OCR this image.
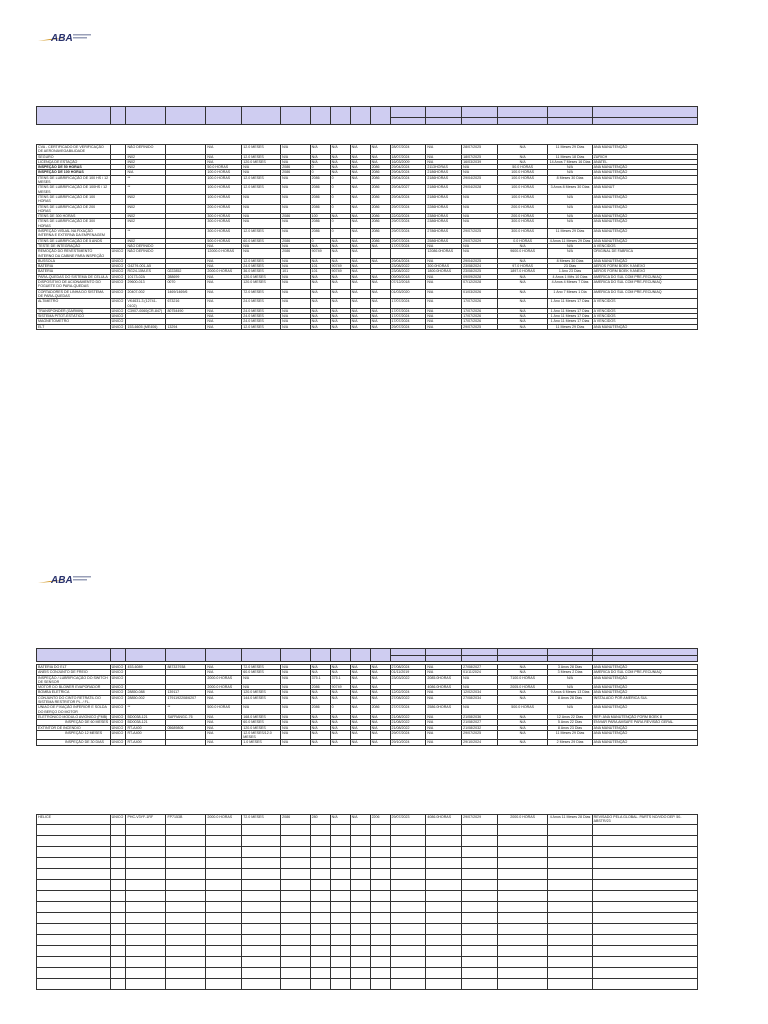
ABA

CVA - CERTIFICADO DE VERIFICAÇÃO DE AERONAVEGABILIDADE		NÃO DEFINIDO		N/A	12.0 MESES	N/A	N/A	N/A	N/A	N/A	28/07/2024	N/A	28/07/2025	N/A	11 Meses 29 Dias	ANA MANUTENÇÃO
SEGURO		IN02		N/A	12.0 MESES	N/A	N/A	N/A	N/A	N/A	18/07/2024	N/A	18/07/2025	N/A	11 Meses 18 Dias	ZURICH
LICENÇA DE ESTAÇÃO		IN02		N/A	120.0 MESES	N/A	N/A	N/A	N/A	N/A	16/03/2009	N/A	16/03/2039	N/A	14 Anos 7 Meses 16 Dias	ANATEL
INSPEÇÃO DE 50 HORAS		IN02		50.0 HORAS	N/A	2086	0	N/A	N/A	2086	29/04/2024	2113HORAS	N/A	50.0 HORAS	N/A	ANA MANUTENÇÃO
INSPEÇÃO DE 100 HORAS		N/A		100.0 HORAS	N/A	2086	0	N/A	N/A	2086	29/04/2024	2186HORAS	N/A	100.0 HORAS	N/A	ANA MANUTENÇÃO
ITENS DE LUBRIFICAÇÃO DE 100 HS / 12 MESES		**		100.0 HORAS	12.0 MESES	N/A	2086	0	N/A	2086	29/04/2024	2186HORAS	29/04/2025	100.0 HORAS	8 Meses 30 Dias	ANA MANUTENÇÃO
ITENS DE LUBRIFICAÇÃO DE 100HS / 12 MESES		**		100.0 HORAS	12.0 MESES	N/A	2086	0	N/A	2086	29/04/2027	2186HORAS	29/04/2028	100.0 HORAS	3 Anos 8 Meses 30 Dias	ANA MANUT
ITENS DE LUBRIFICAÇÃO DE 100 HORAS		IN02		100.0 HORAS	N/A	N/A	2086	0	N/A	2086	29/04/2024	2186HORAS	N/A	100.0 HORAS	N/A	ANA MANUTENÇÃO
ITENS DE LUBRIFICAÇÃO DE 200 HORAS		IN02		200.0 HORAS	N/A	N/A	2086	0	N/A	2086	29/07/2024	2286HORAS	N/A	200.0 HORAS	N/A	ANA MANUTENÇÃO
ITENS DE 300 HORAS		IN02		300.0 HORAS	N/A	2086	100	N/A	N/A	2086	22/02/2024	2386HORAS	N/A	200.0 HORAS	N/A	ANA MANUTENÇÃO
ITENS DE LUBRIFICAÇÃO DE 300 HORAS		IN02		300.0 HORAS	N/A	N/A	2086	0	N/A	2086	29/07/2024	2386HORAS	N/A	300.0 HORAS	N/A	ANA MANUTENÇÃO
INSPEÇÃO VISUAL NA FIXAÇÃO INTERNA E EXTERNA DA EMPENAGEM		**		300.0 HORAS	12.0 MESES	N/A	2086	0	N/A	2086	29/07/2024	2786HORAS	29/07/2025	300.0 HORAS	11 Meses 29 Dias	ANA MANUTENÇÃO
ITENS DE LUBRIFICAÇÃO DE 5 ANOS		IN02		500.0 HORAS	60.0 MESES	2086	0	N/A	N/A	2086	29/07/2024	2586HORAS	29/07/2029	0.0 HORAS	4 Anos 11 Meses 29 Dias	ANA MANUTENÇÃO
TESTE DE INTEGRAÇÃO		NÃO DEFINIDO		N/A	N/A	N/A	N/A	N/A	N/A	N/A	17/07/2024	N/A	N/A	N/A	N/A	A VENCIDOS
REMOÇÃO DO REVESTIMENTO INTERNO DA CABINE PARA INSPEÇÃO	ÚNICO	NÃO DEFINIDO		12000.0 HORAS	N/A	2086	90749	N/A	N/A			12086.0HORAS	N/A	9600.0 HORAS	N/A	ORIGINAL DE FABRICA
BUSSOLA	ÚNICO			N/A	12.0 MESES	N/A	N/A	N/A	N/A	N/A	29/04/2024	N/A	29/04/2025	N/A	8 Meses 30 Dias	ANA MANUTENÇÃO
BATERIA	ÚNICO	G4279-001-A5		N/A	24.0 MESES	N/A	101	90749	N/A		23/08/2022	300.0HORAS	23/08/2024	97.0 HORAS	23 Dias	AEROS FORM BOEK 9 ANEXO
BATERIA	ÚNICO	RG24-15M-ES	0222852	2000.0 HORAS	36.0 MESES	101	101	90749	N/A		23/08/2022	1800.0HORAS	23/08/2025	1897.0 HORAS	1 Ano 23 Dias	AEROS FORM BOEK 9 ANEXO
PARA-QUEDAS DO SISTEMA DE CELULA	ÚNICO	10173-02A	288699	N/A	120.0 MESES	N/A	N/A	N/A	N/A	N/A	09/09/2018	N/A	09/09/2028	N/A	4 Anos 1 Mês 10 Dias	AMERICA DO SUL COM PRE-FECUNIAQ
DISPOSITIVO DE ACIONAMENTO DO FOGUETE DO PARA-QUEDAS	ÚNICO	29600-013	0070	N/A	120.0 MESES	N/A	N/A	N/A	N/A	N/A	07/12/2018	N/A	07/12/2028	N/A	4 Anos 4 Meses 7 Dias	AMERICA DO SUL COM PRE-FECUNIAQ
CORTADORES DE LINHA DO SISTEMA DE PARA-QUEDAS	ÚNICO	20407-002	1469/1469/6	N/A	72.0 MESES	N/A	N/A	N/A	N/A	N/A	01/03/2020	N/A	01/03/2026	N/A	1 Ano 7 Meses 1 Dia	AMERICA DO SUL COM PRE-FECUNIAQ
ALTIMETRO	ÚNICO	VK4631-3 (12741-0102)	673216	N/A	24.0 MESES	N/A	N/A	N/A	N/A	N/A	17/07/2024	N/A	17/07/2026	N/A	1 Ano 11 Meses 17 Dias	A VENCIDOS
TRANSPONDER (GARMIN)	ÚNICO	C3907-0060(CR-847)	80754490	N/A	24.0 MESES	N/A	N/A	N/A	N/A	N/A	17/07/2024	N/A	17/07/2026	N/A	1 Ano 11 Meses 17 Dias	A VENCIDOS
SISTEMA PITOT-ESTÁTICO	ÚNICO			N/A	24.0 MESES	N/A	N/A	N/A	N/A	N/A	17/07/2024	N/A	17/07/2026	N/A	1 Ano 11 Meses 17 Dias	A VENCIDOS
MAGNETOMETRO	ÚNICO			N/A	24.0 MESES	N/A	N/A	N/A	N/A	N/A	17/07/2024	N/A	17/07/2026	N/A	1 Ano 11 Meses 17 Dias	A VENCIDOS
ELT	ÚNICO	153-6605 (ME406)	13294	N/A	12.0 MESES	N/A	N/A	N/A	N/A	N/A	29/07/2024	N/A	29/07/2025	N/A	11 Meses 29 Dias	ANA MANUTENÇÃO
ABA

BATERIA DO ELT	ÚNICO	453-6089	887337938	N/A	72.0 MESES	N/A	N/A	N/A	N/A	N/A	27/08/2024	N/A	27/08/2027	N/A	3 Anos 28 Dias	ANA MANUTENÇÃO
ANEIS CONJUNTO DE FREIO	ÚNICO			N/A	60.0 MESES	N/A	N/A	N/A	N/A	N/A	01/11/2019	N/A	01/11/2024	N/A	3 Meses 2 Dias	AMERICA DO SUL COM PRE-FECUNIAQ
INSPEÇÃO / LUBRIFICAÇÃO DO SWITCH DE SENSOR	ÚNICO			2000.0 HORAS	N/A	N/A	375.1	375.1	N/A	N/A	23/03/2022	2085.0HORAS	N/A	7100.0 HORAS	N/A	ANA MANUTENÇÃO
MOTOR DO BLOWER EVAPORADOR	ÚNICO			2000.0 HORAS	N/A	N/A	2086	90749	N/A	N/A		4086.0HORAS	N/A	2005.0 HORAS	N/A	ANA MANUTENÇÃO
BOMBA ELETRICA	ÚNICO	28850-088	139117	N/A	120.0 MESES	N/A	N/A	N/A	N/A	N/A	12/02/2024	N/A	12/02/2034	N/A	9 Anos 6 Meses 13 Dias	ANA MANUTENÇÃO
CONJUNTO DO CINTO RETRATIL DO SISTEMA RESTRITOR PL. / FL.	ÚNICO	28850-002	1791192208/6207	N/A	144.0 MESES	N/A	N/A	N/A	N/A	N/A	27/08/2022	N/A	27/08/2034	N/A	8 Anos 28 Dias	INSTALADO POR AMERICA SUL
UNIAO DE FIXAÇÃO INFERIOR E SOLDA DO BERÇO DO MOTOR	ÚNICO	**	**	500.0 HORAS	N/A	N/A	2086	0	N/A	2086	27/07/2024	2586.0HORAS	N/A	500.0 HORAS	N/A	ANA MANUTENÇÃO
ELETRONICO MODULO AVIONICO (FMB)	ÚNICO	BD0038-121	SAFRANGC-76	N/A	168.0 MESES	N/A	N/A	N/A	N/A	N/A	21/08/2022	N/A	21/08/2036	N/A	12 Anos 22 Dias	REF: ANA MANUTENÇÃO FORM BOEK 8
INSPEÇÃO DE 60 MESES	ÚNICO	BD0038-121		N/A	60.0 MESES	N/A	N/A	N/A	N/A	N/A	21/08/2022	N/A	21/08/2027	N/A	5 Anos 22 Dias	ENVIAR PARA AMSAFE PARA REVISÃO GERAL
EXTINTOR DE INCENDIO	ÚNICO	RT-A400	05689806	N/A	120.0 MESES	N/A	N/A	N/A	N/A	N/A	21/08/2022	N/A	21/08/2032	N/A	8 Anos 23 Dias	ANA MANUTENÇÃO
INSPEÇÃO 12 MESES	ÚNICO	RT-A400		N/A	12.0 MESES/12.0 MESES	N/A	N/A	N/A	N/A	N/A	29/07/2024	N/A	29/07/2025	N/A	11 Meses 29 Dias	ANA MANUTENÇÃO
INSPEÇÃO DE 30 DIAS	ÚNICO	RT-A400		N/A	1.0 MESES	N/A	N/A	N/A	N/A	N/A	29/10/2024	N/A	29/10/2024	N/A	2 Meses 29 Dias	ANA MANUTENÇÃO
HELICE	ÚNICO	PHC-V3YF-1RF	FP7153B	2000.0 HORAS	72.0 MESES	2086	280	N/A	N/A	2206	29/07/2023	4086.0HORAS	29/07/2029	2000.0 HORAS	4 Anos 11 Meses 28 Dias	REVISADO PELA GLOBAL. PARTS NO/VDO DEP. 50-ABSTR/23
